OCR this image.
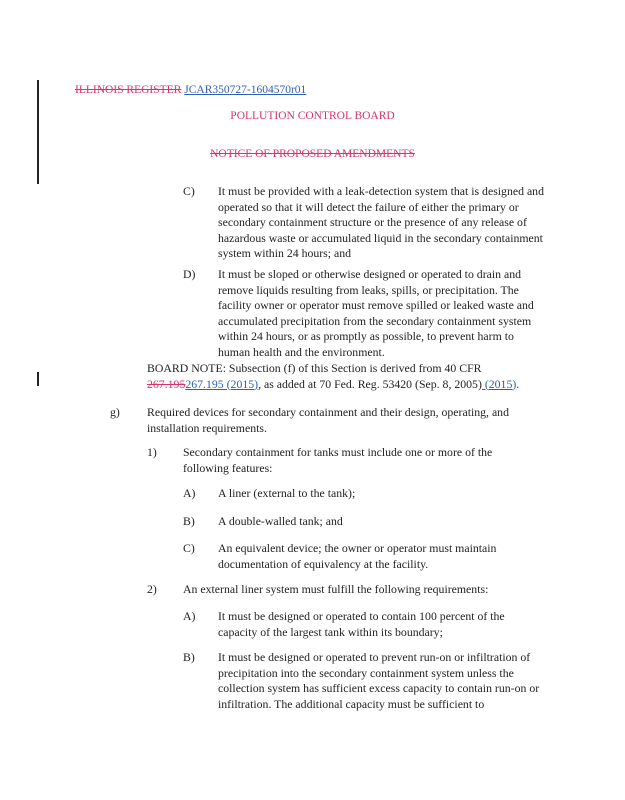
ILLINOIS REGISTER JCAR350727-1604570r01
POLLUTION CONTROL BOARD
NOTICE OF PROPOSED AMENDMENTS
C) It must be provided with a leak-detection system that is designed and operated so that it will detect the failure of either the primary or secondary containment structure or the presence of any release of hazardous waste or accumulated liquid in the secondary containment system within 24 hours; and
D) It must be sloped or otherwise designed or operated to drain and remove liquids resulting from leaks, spills, or precipitation. The facility owner or operator must remove spilled or leaked waste and accumulated precipitation from the secondary containment system within 24 hours, or as promptly as possible, to prevent harm to human health and the environment.
BOARD NOTE: Subsection (f) of this Section is derived from 40 CFR
267.195267.195 (2015), as added at 70 Fed. Reg. 53420 (Sep. 8, 2005) (2015).
g) Required devices for secondary containment and their design, operating, and installation requirements.
1) Secondary containment for tanks must include one or more of the following features:
A) A liner (external to the tank);
B) A double-walled tank; and
C) An equivalent device; the owner or operator must maintain documentation of equivalency at the facility.
2) An external liner system must fulfill the following requirements:
A) It must be designed or operated to contain 100 percent of the capacity of the largest tank within its boundary;
B) It must be designed or operated to prevent run-on or infiltration of precipitation into the secondary containment system unless the collection system has sufficient excess capacity to contain run-on or infiltration. The additional capacity must be sufficient to
